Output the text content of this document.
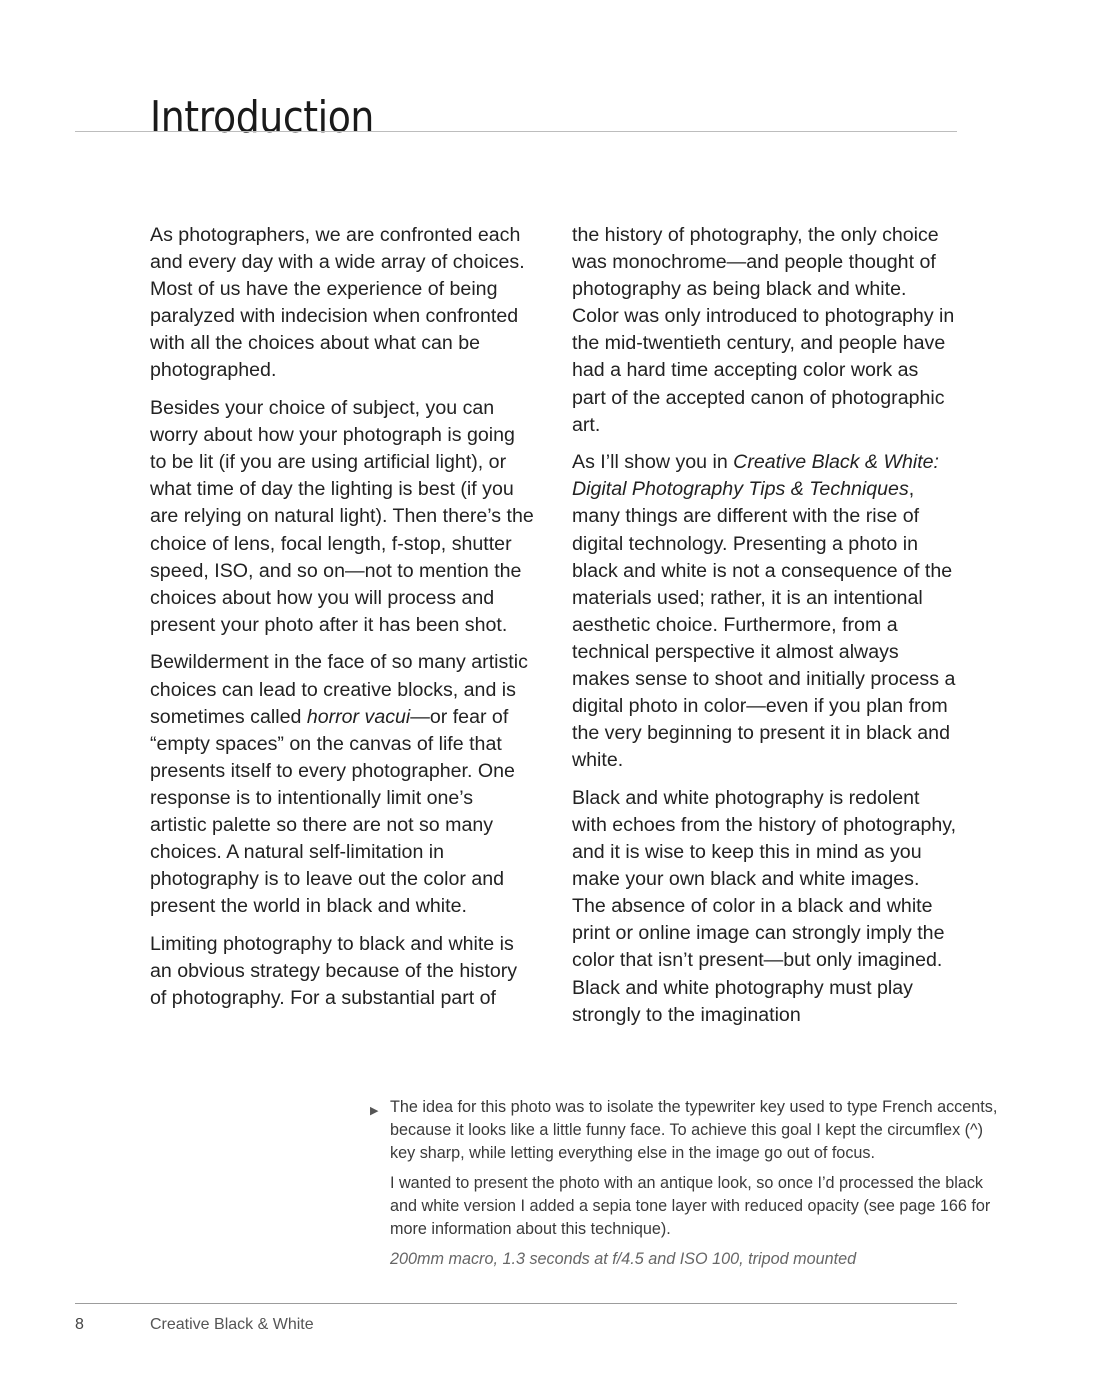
Introduction

As photographers, we are confronted each and every day with a wide array of choices. Most of us have the experience of being paralyzed with indecision when confronted with all the choices about what can be photographed.

Besides your choice of subject, you can worry about how your photograph is going to be lit (if you are using artificial light), or what time of day the lighting is best (if you are relying on natural light). Then there’s the choice of lens, focal length, f-stop, shutter speed, ISO, and so on—not to mention the choices about how you will process and present your photo after it has been shot.

Bewilderment in the face of so many artistic choices can lead to creative blocks, and is sometimes called horror vacui—or fear of “empty spaces” on the canvas of life that presents itself to every photographer. One response is to intentionally limit one’s artistic palette so there are not so many choices. A natural self-limitation in photography is to leave out the color and present the world in black and white.

Limiting photography to black and white is an obvious strategy because of the history of photography. For a substantial part of

the history of photography, the only choice was monochrome—and people thought of photography as being black and white. Color was only introduced to photography in the mid-twentieth century, and people have had a hard time accepting color work as part of the accepted canon of photographic art.

As I’ll show you in Creative Black & White: Digital Photography Tips & Techniques, many things are different with the rise of digital technology. Presenting a photo in black and white is not a consequence of the materials used; rather, it is an intentional aesthetic choice. Furthermore, from a technical perspective it almost always makes sense to shoot and initially process a digital photo in color—even if you plan from the very beginning to present it in black and white.

Black and white photography is redolent with echoes from the history of photography, and it is wise to keep this in mind as you make your own black and white images. The absence of color in a black and white print or online image can strongly imply the color that isn’t present—but only imagined. Black and white photography must play strongly to the imagination

▶ The idea for this photo was to isolate the typewriter key used to type French accents, because it looks like a little funny face. To achieve this goal I kept the circumflex (^) key sharp, while letting everything else in the image go out of focus.

I wanted to present the photo with an antique look, so once I’d processed the black and white version I added a sepia tone layer with reduced opacity (see page 166 for more information about this technique).

200mm macro, 1.3 seconds at f/4.5 and ISO 100, tripod mounted

8	Creative Black & White
